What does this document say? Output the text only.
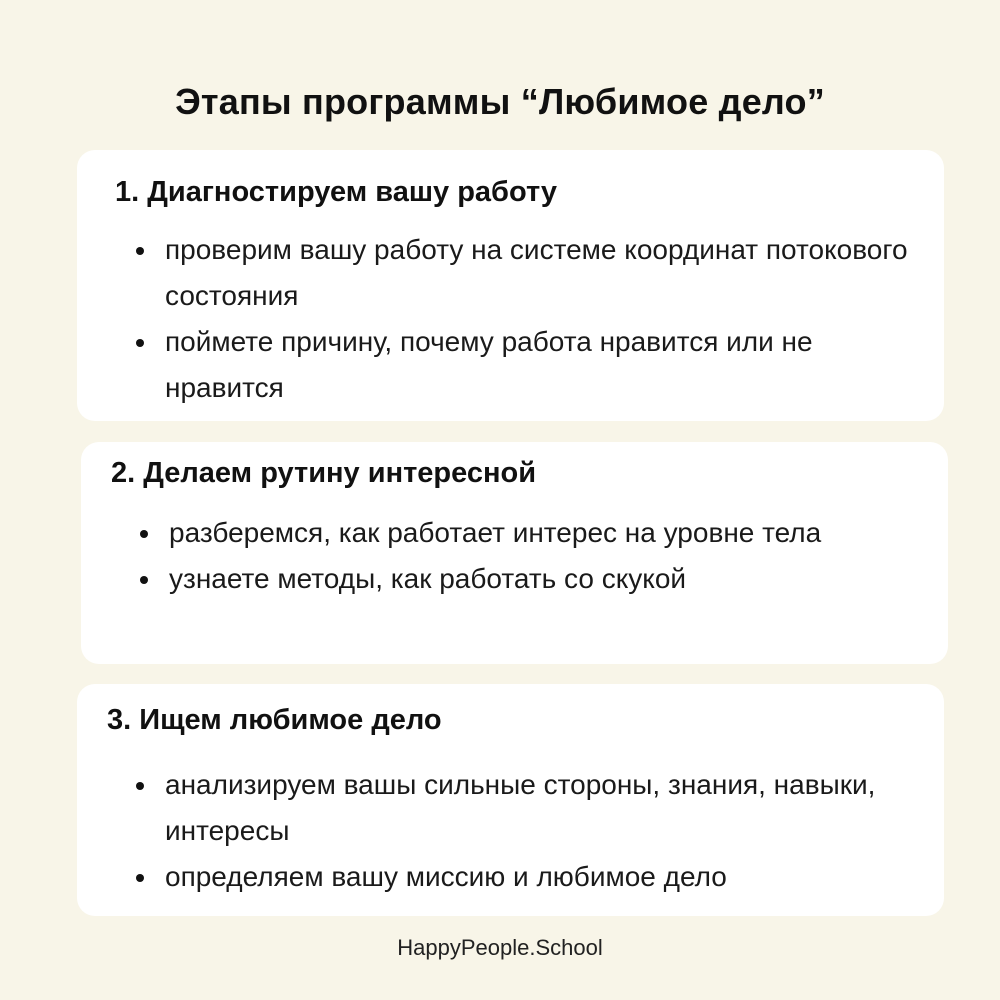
Этапы программы “Любимое дело”
1. Диагностируем вашу работу
проверим вашу работу на системе координат потокового состояния
поймете причину, почему работа нравится или не нравится
2. Делаем рутину интересной
разберемся, как работает интерес на уровне тела
узнаете методы, как работать со скукой
3. Ищем любимое дело
анализируем вашы сильные стороны, знания, навыки, интересы
определяем вашу миссию и любимое дело
HappyPeople.School
